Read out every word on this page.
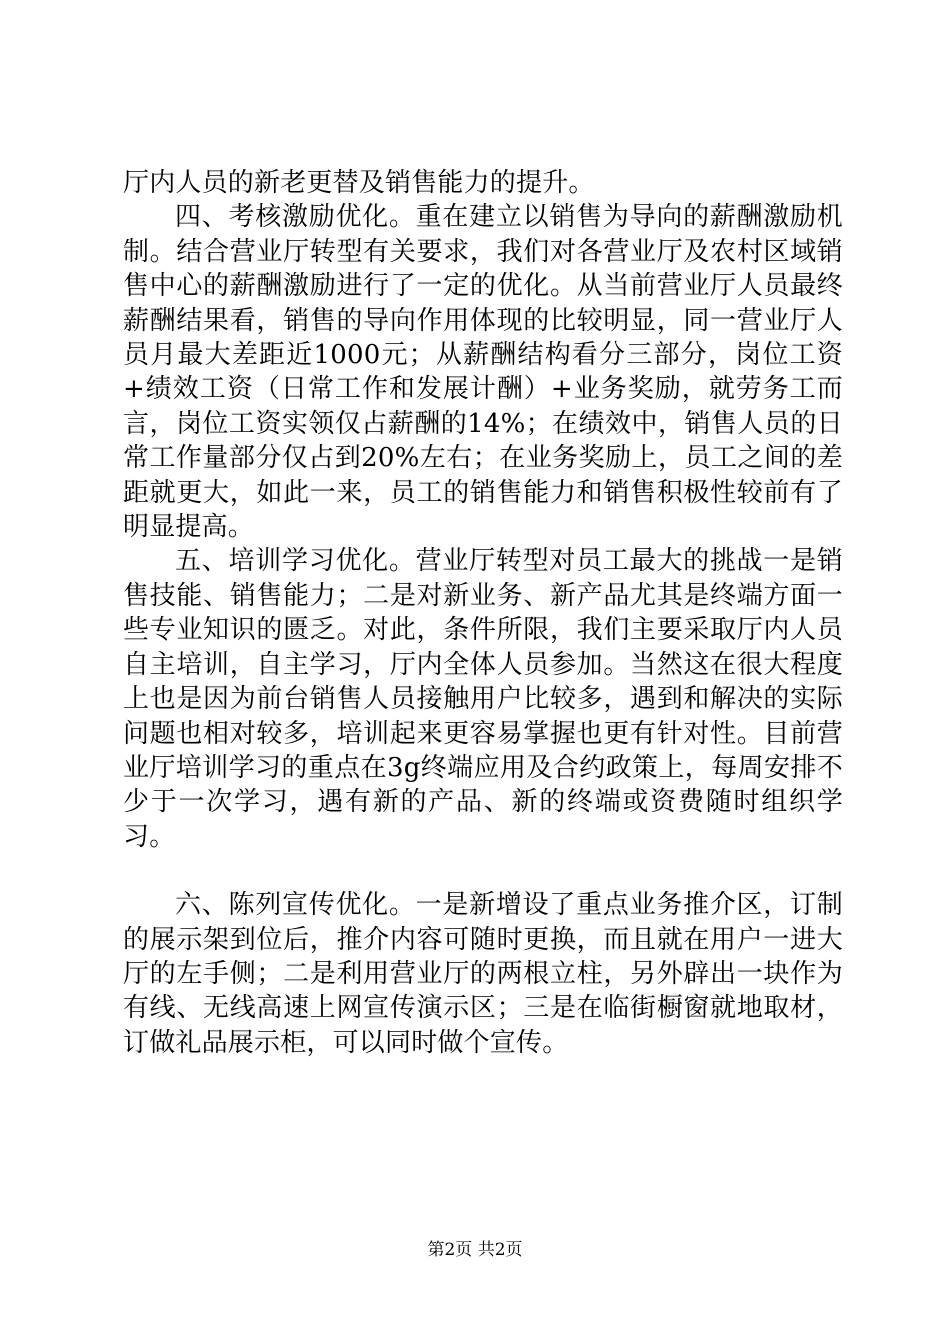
厅内人员的新老更替及销售能力的提升。

四、考核激励优化。重在建立以销售为导向的薪酬激励机制。结合营业厅转型有关要求，我们对各营业厅及农村区域销售中心的薪酬激励进行了一定的优化。从当前营业厅人员最终薪酬结果看，销售的导向作用体现的比较明显，同一营业厅人员月最大差距近1000元；从薪酬结构看分三部分，岗位工资+绩效工资（日常工作和发展计酬）+业务奖励，就劳务工而言，岗位工资实领仅占薪酬的14%；在绩效中，销售人员的日常工作量部分仅占到20%左右；在业务奖励上，员工之间的差距就更大，如此一来，员工的销售能力和销售积极性较前有了明显提高。

五、培训学习优化。营业厅转型对员工最大的挑战一是销售技能、销售能力；二是对新业务、新产品尤其是终端方面一些专业知识的匮乏。对此，条件所限，我们主要采取厅内人员自主培训，自主学习，厅内全体人员参加。当然这在很大程度上也是因为前台销售人员接触用户比较多，遇到和解决的实际问题也相对较多，培训起来更容易掌握也更有针对性。目前营业厅培训学习的重点在3g终端应用及合约政策上，每周安排不少于一次学习，遇有新的产品、新的终端或资费随时组织学习。

六、陈列宣传优化。一是新增设了重点业务推介区，订制的展示架到位后，推介内容可随时更换，而且就在用户一进大厅的左手侧；二是利用营业厅的两根立柱，另外辟出一块作为有线、无线高速上网宣传演示区；三是在临街橱窗就地取材，订做礼品展示柜，可以同时做个宣传。

第2页 共2页
